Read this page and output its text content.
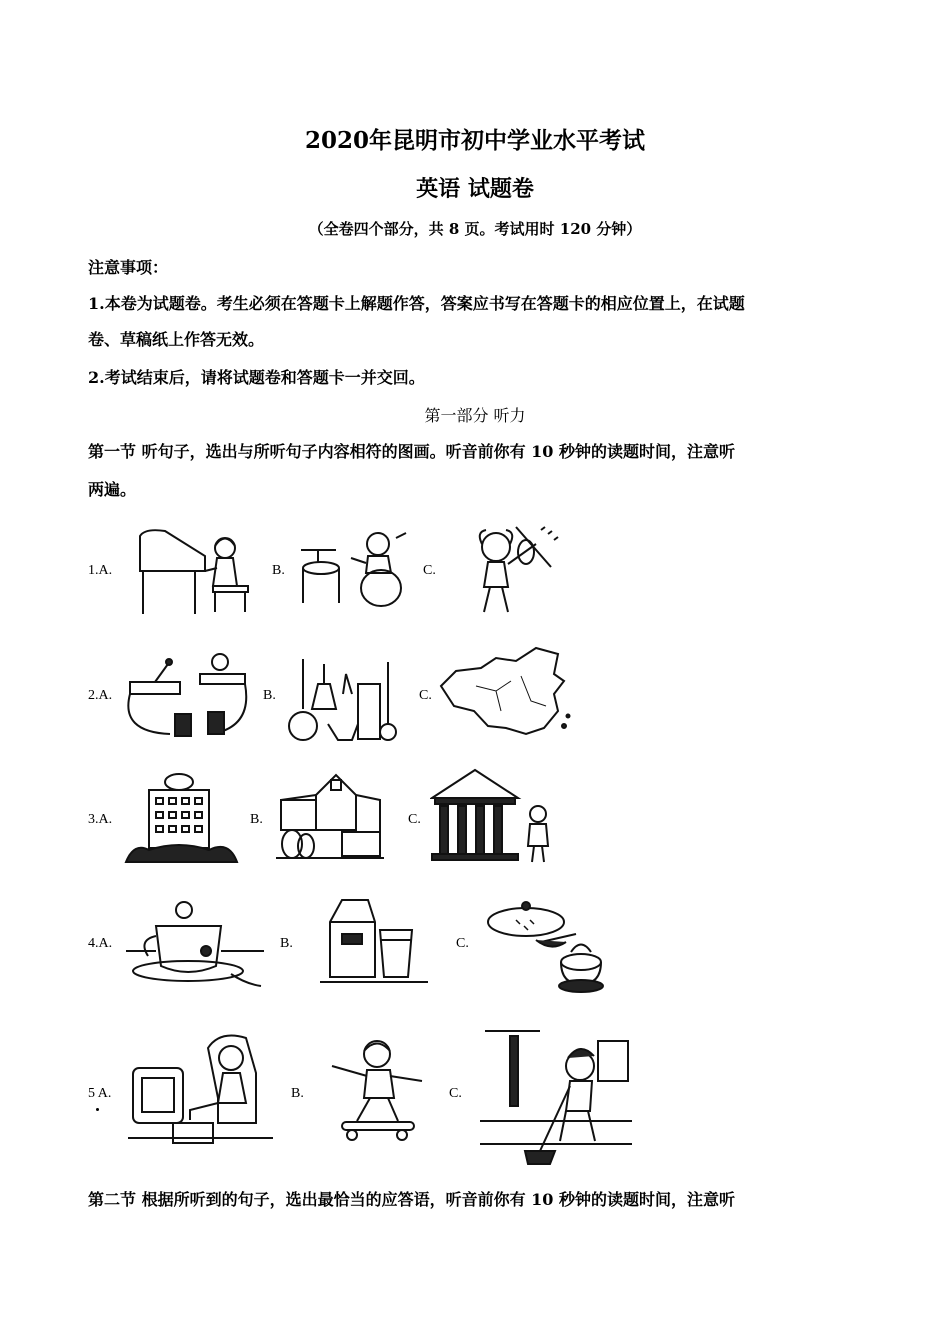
2020年昆明市初中学业水平考试
英语 试题卷
（全卷四个部分，共 8 页。考试用时 120 分钟）
注意事项：
1.本卷为试题卷。考生必须在答题卡上解题作答，答案应书写在答题卡的相应位置上，在试题
卷、草稿纸上作答无效。
2.考试结束后，请将试题卷和答题卡一并交回。
第一部分 听力
第一节 听句子，选出与所听句子内容相符的图画。听音前你有 10 秒钟的读题时间，注意听
两遍。
1.A.	B.	C.
2.A.	B.	C.
3.A.	B.	C.
4.A.	B.	C.
5 A.	B.	C.
第二节 根据所听到的句子，选出最恰当的应答语，听音前你有 10 秒钟的读题时间，注意听
